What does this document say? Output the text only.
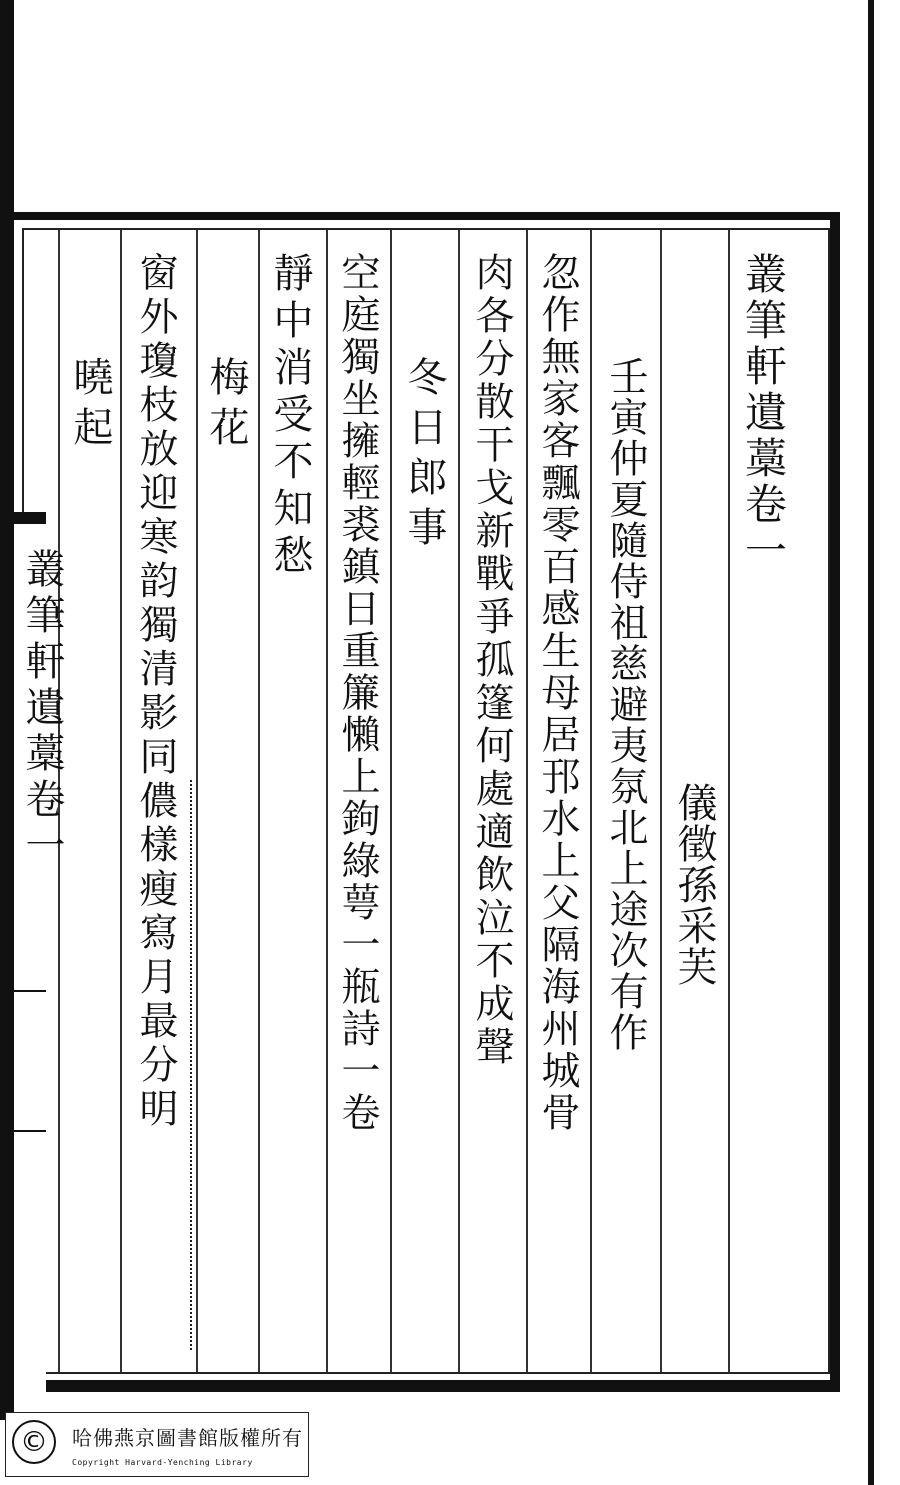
叢筆軒遺藁卷一
儀徵孫采芙
壬寅仲夏隨侍祖慈避夷氛北上途次有作
忽作無家客飄零百感生母居邘水上父隔海州城骨
肉各分散干戈新戰爭孤篷何處適飲泣不成聲
冬日郎事
空庭獨坐擁輕裘鎮日重簾懶上鉤綠萼一瓶詩一卷
靜中消受不知愁
梅花
窗外瓊枝放迎寒韵獨清影同儂樣瘦寫月最分明
曉起
叢筆軒遺藁卷一
©	哈佛燕京圖書館版權所有
Copyright Harvard-Yenching Library
